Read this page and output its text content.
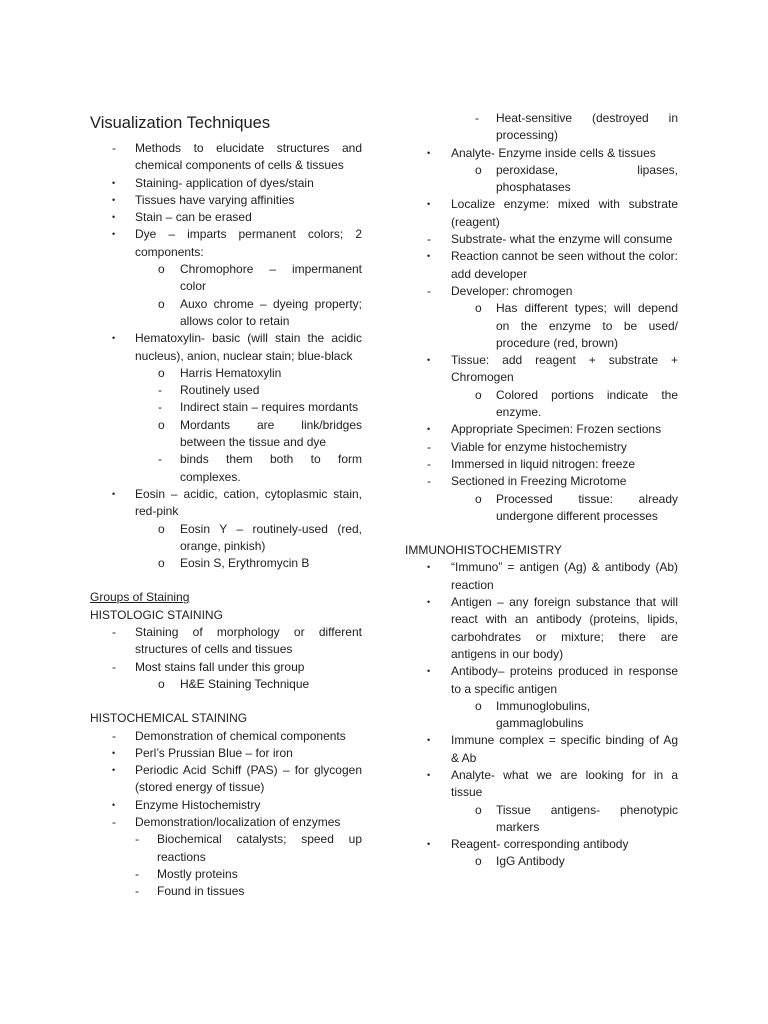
Visualization Techniques
- Methods to elucidate structures and chemical components of cells & tissues
• Staining- application of dyes/stain
• Tissues have varying affinities
• Stain – can be erased
• Dye – imparts permanent colors; 2 components:
o Chromophore – impermanent color
o Auxo chrome – dyeing property; allows color to retain
• Hematoxylin- basic (will stain the acidic nucleus), anion, nuclear stain; blue-black
o Harris Hematoxylin
- Routinely used
- Indirect stain – requires mordants
o Mordants are link/bridges between the tissue and dye
- binds them both to form complexes.
• Eosin – acidic, cation, cytoplasmic stain, red-pink
o Eosin Y – routinely-used (red, orange, pinkish)
o Eosin S, Erythromycin B
Groups of Staining
HISTOLOGIC STAINING
- Staining of morphology or different structures of cells and tissues
- Most stains fall under this group
o H&E Staining Technique
HISTOCHEMICAL STAINING
- Demonstration of chemical components
• Perl’s Prussian Blue – for iron
• Periodic Acid Schiff (PAS) – for glycogen (stored energy of tissue)
• Enzyme Histochemistry
- Demonstration/localization of enzymes
- Biochemical catalysts; speed up reactions
- Mostly proteins
- Found in tissues
- Heat-sensitive (destroyed in processing)
• Analyte- Enzyme inside cells & tissues
o peroxidase, lipases, phosphatases
• Localize enzyme: mixed with substrate (reagent)
- Substrate- what the enzyme will consume
• Reaction cannot be seen without the color: add developer
- Developer: chromogen
o Has different types; will depend on the enzyme to be used/ procedure (red, brown)
• Tissue: add reagent + substrate + Chromogen
o Colored portions indicate the enzyme.
• Appropriate Specimen: Frozen sections
- Viable for enzyme histochemistry
- Immersed in liquid nitrogen: freeze
- Sectioned in Freezing Microtome
o Processed tissue: already undergone different processes
IMMUNOHISTOCHEMISTRY
• “Immuno” = antigen (Ag) & antibody (Ab) reaction
• Antigen – any foreign substance that will react with an antibody (proteins, lipids, carbohdrates or mixture; there are antigens in our body)
• Antibody– proteins produced in response to a specific antigen
o Immunoglobulins, gammaglobulins
• Immune complex = specific binding of Ag & Ab
• Analyte- what we are looking for in a tissue
o Tissue antigens- phenotypic markers
• Reagent- corresponding antibody
o IgG Antibody
